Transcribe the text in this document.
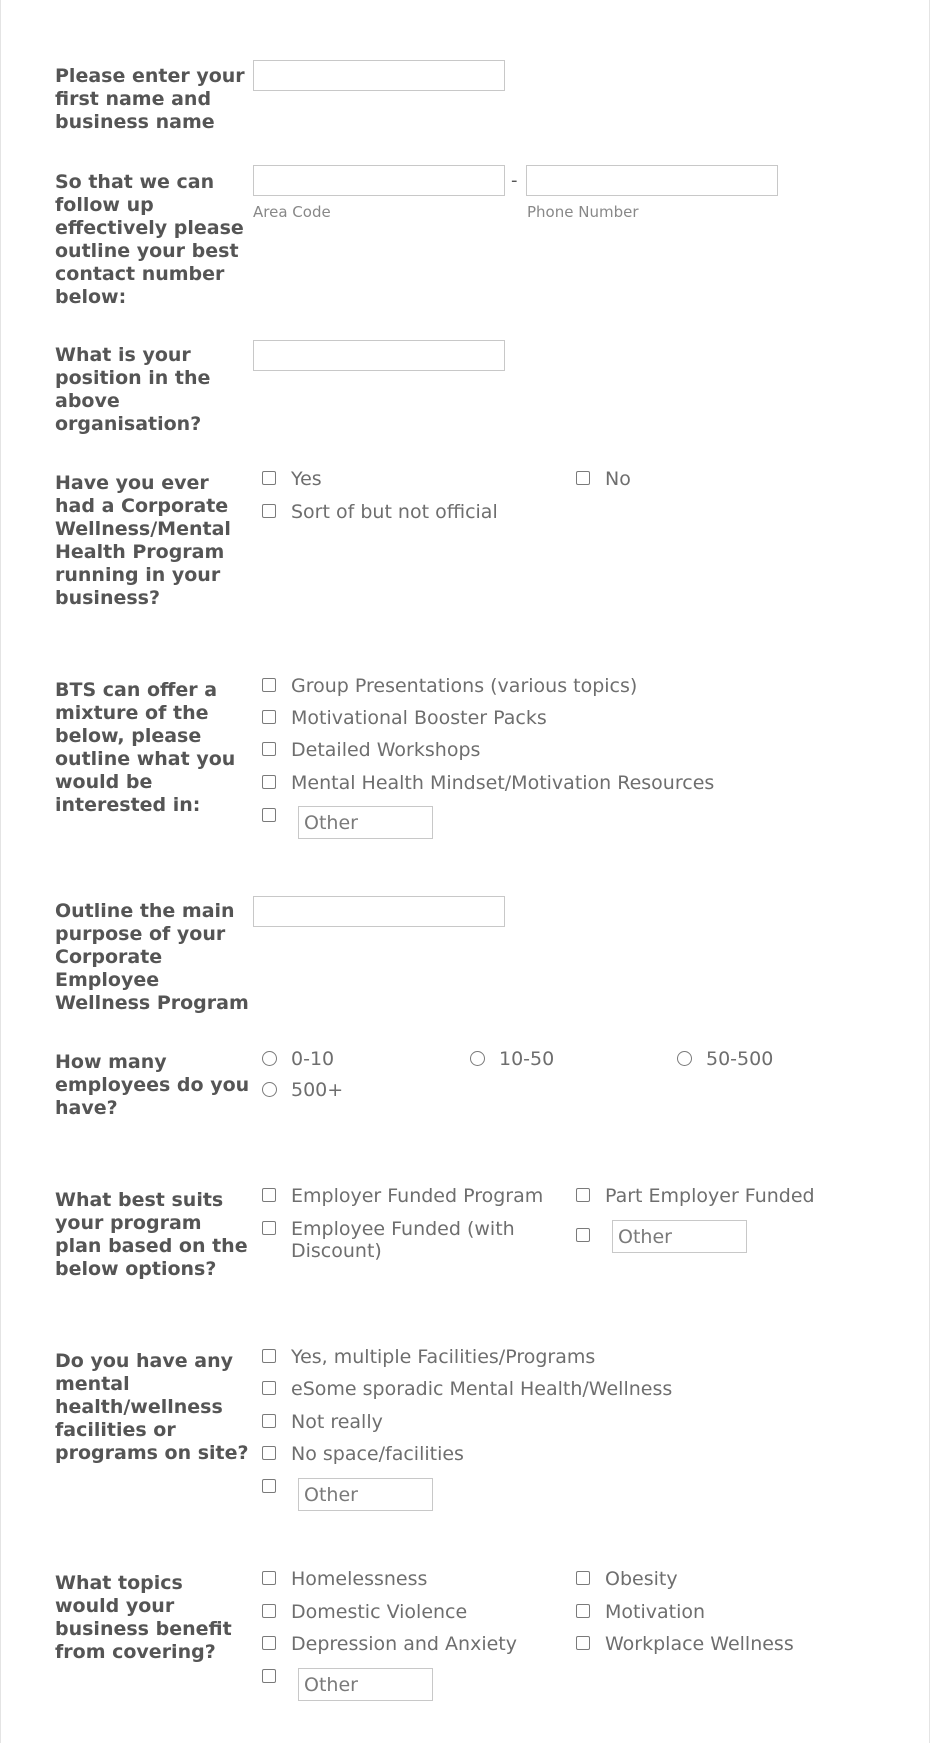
Please enter your first name and business name
So that we can follow up effectively please outline your best contact number below:
-
Area Code	Phone Number
What is your position in the above organisation?
Have you ever had a Corporate Wellness/Mental Health Program running in your business?
Yes	No
Sort of but not official
BTS can offer a mixture of the below, please outline what you would be interested in:
Group Presentations (various topics)
Motivational Booster Packs
Detailed Workshops
Mental Health Mindset/Motivation Resources
Other
Outline the main purpose of your Corporate Employee Wellness Program
How many employees do you have?
0-10	10-50	50-500
500+
What best suits your program plan based on the below options?
Employer Funded Program	Part Employer Funded
Employee Funded (with Discount)
Other
Do you have any mental health/wellness facilities or programs on site?
Yes, multiple Facilities/Programs
eSome sporadic Mental Health/Wellness
Not really
No space/facilities
Other
What topics would your business benefit from covering?
Homelessness	Obesity
Domestic Violence	Motivation
Depression and Anxiety	Workplace Wellness
Other
